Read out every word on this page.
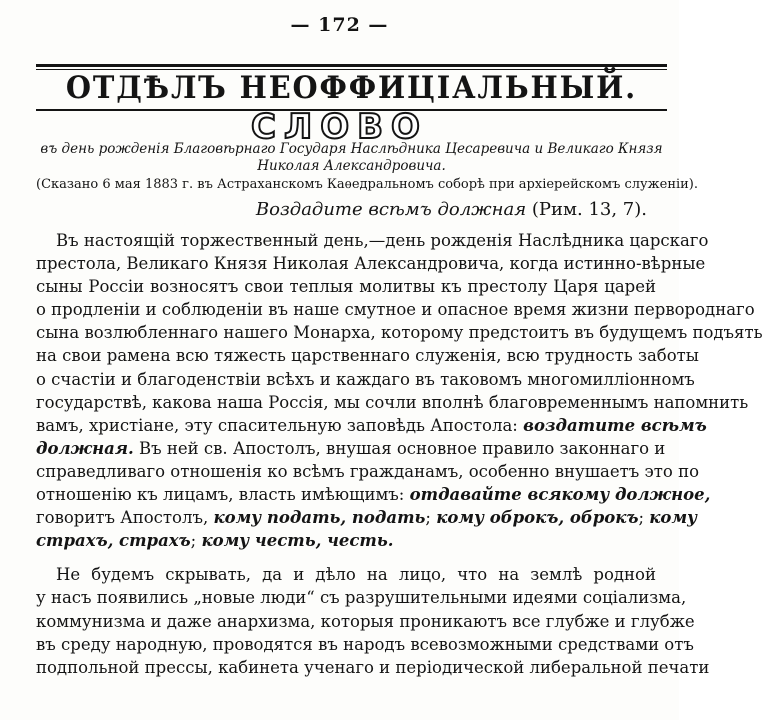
— 172 —
ОТДѢЛЪ НЕОФФИЦІАЛЬНЫЙ.
СЛОВО
въ день рожденія Благовѣрнаго Государя Наслѣдника Цесаревича и Великаго Князя
Николая Александровича.
(Сказано 6 мая 1883 г. въ Астраханскомъ Каѳедральномъ соборѣ при архіерейскомъ служеніи).
Воздадите всѣмъ должная (Рим. 13, 7).
Въ настоящій торжественный день,—день рожденія Наслѣдника царскаго
престола, Великаго Князя Николая Александровича, когда истинно-вѣрные
сыны Россіи возносятъ свои теплыя молитвы къ престолу Царя царей
о продленіи и соблюденіи въ наше смутное и опасное время жизни первороднаго
сына возлюбленнаго нашего Монарха, которому предстоитъ въ будущемъ подъять
на свои рамена всю тяжесть царственнаго служенія, всю трудность заботы
о счастіи и благоденствіи всѣхъ и каждаго въ таковомъ многомилліонномъ
государствѣ, какова наша Россія, мы сочли вполнѣ благовременнымъ напомнить
вамъ, христіане, эту спасительную заповѣдь Апостола: воздатите всѣмъ
должная. Въ ней св. Апостолъ, внушая основное правило законнаго и
справедливаго отношенія ко всѣмъ гражданамъ, особенно внушаетъ это по
отношенію къ лицамъ, власть имѣющимъ: отдавайте всякому должное,
говоритъ Апостолъ, кому подать, подать; кому оброкъ, оброкъ; кому
страхъ, страхъ; кому честь, честь.
Не будемъ скрывать, да и дѣло на лицо, что на землѣ родной
у насъ появились „новые люди“ съ разрушительными идеями соціализма,
коммунизма и даже анархизма, которыя проникаютъ все глубже и глубже
въ среду народную, проводятся въ народъ всевозможными средствами отъ
подпольной прессы, кабинета ученаго и періодической либеральной печати
